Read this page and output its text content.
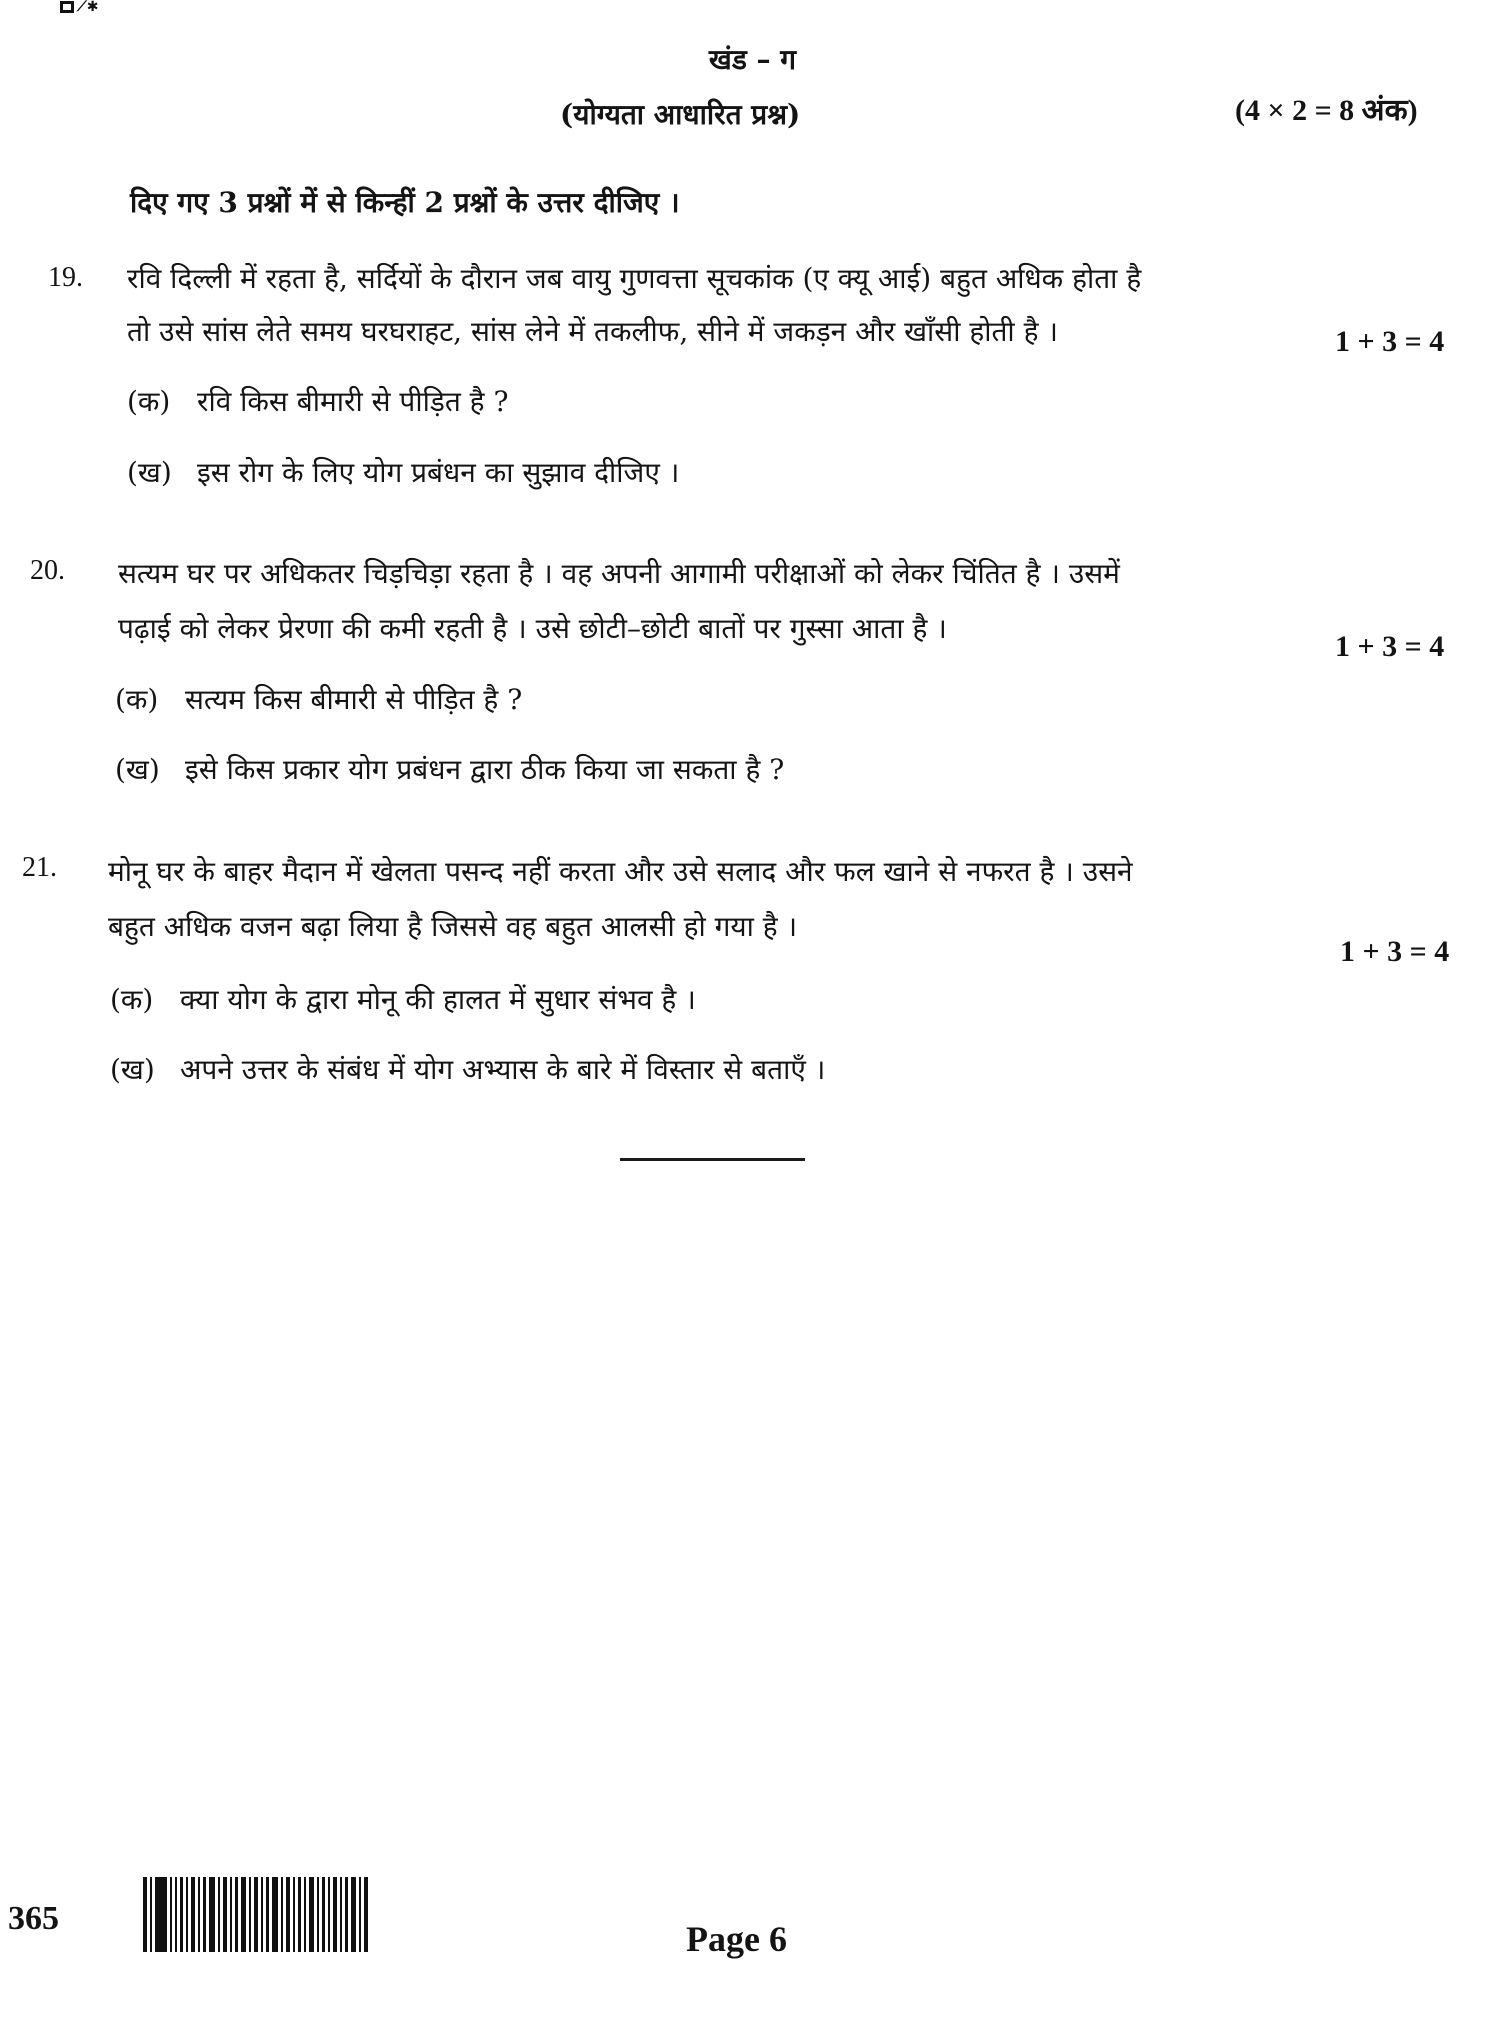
⟋✱
खंड – ग
(योग्यता आधारित प्रश्न)	(4 × 2 = 8 अंक)
दिए गए 3 प्रश्नों में से किन्हीं 2 प्रश्नों के उत्तर दीजिए ।
19. रवि दिल्ली में रहता है, सर्दियों के दौरान जब वायु गुणवत्ता सूचकांक (ए क्यू आई) बहुत अधिक होता है
तो उसे सांस लेते समय घरघराहट, सांस लेने में तकलीफ, सीने में जकड़न और खाँसी होती है ।	1 + 3 = 4
(क) रवि किस बीमारी से पीड़ित है ?
(ख) इस रोग के लिए योग प्रबंधन का सुझाव दीजिए ।
20. सत्यम घर पर अधिकतर चिड़चिड़ा रहता है । वह अपनी आगामी परीक्षाओं को लेकर चिंतित है । उसमें
पढ़ाई को लेकर प्रेरणा की कमी रहती है । उसे छोटी–छोटी बातों पर गुस्सा आता है ।
1 + 3 = 4
(क) सत्यम किस बीमारी से पीड़ित है ?
(ख) इसे किस प्रकार योग प्रबंधन द्वारा ठीक किया जा सकता है ?
21. मोनू घर के बाहर मैदान में खेलता पसन्द नहीं करता और उसे सलाद और फल खाने से नफरत है । उसने
बहुत अधिक वजन बढ़ा लिया है जिससे वह बहुत आलसी हो गया है ।
1 + 3 = 4
(क) क्या योग के द्वारा मोनू की हालत में सुधार संभव है ।
(ख) अपने उत्तर के संबंध में योग अभ्यास के बारे में विस्तार से बताएँ ।
365
Page 6
